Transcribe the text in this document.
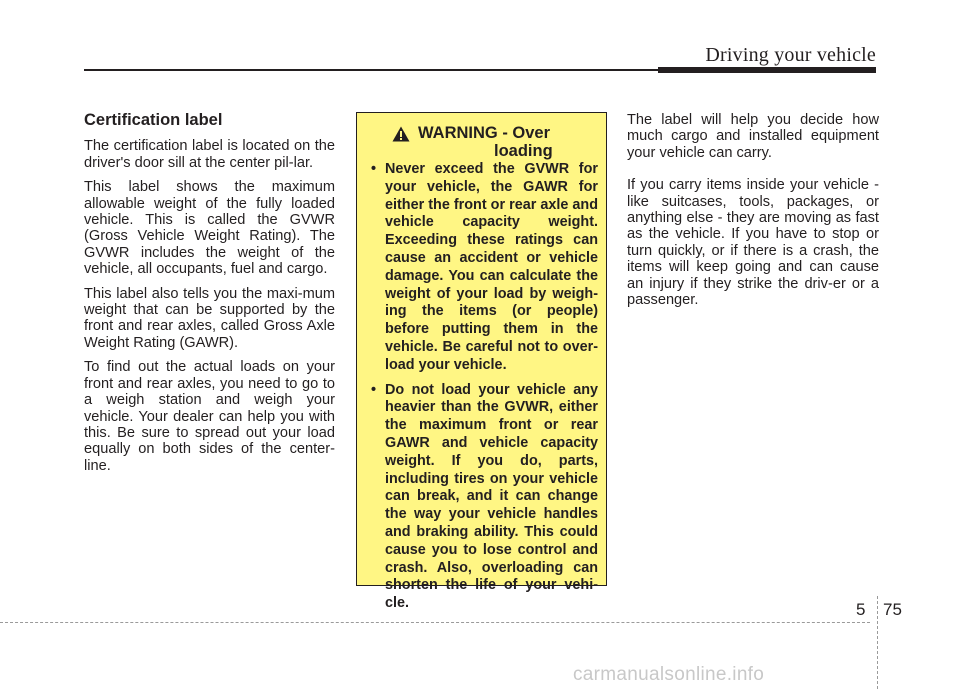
Driving your vehicle
Certification label

The certification label is located on the driver's door sill at the center pil-lar.

This label shows the maximum allowable weight of the fully loaded vehicle. This is called the GVWR (Gross Vehicle Weight Rating). The GVWR includes the weight of the vehicle, all occupants, fuel and cargo.

This label also tells you the maxi-mum weight that can be supported by the front and rear axles, called Gross Axle Weight Rating (GAWR).

To find out the actual loads on your front and rear axles, you need to go to a weigh station and weigh your vehicle. Your dealer can help you with this. Be sure to spread out your load equally on both sides of the center-line.

WARNING - Over
loading
• Never exceed the GVWR for your vehicle, the GAWR for either the front or rear axle and vehicle capacity weight. Exceeding these ratings can cause an accident or vehicle damage. You can calculate the weight of your load by weigh-ing the items (or people) before putting them in the vehicle. Be careful not to over-load your vehicle.
• Do not load your vehicle any heavier than the GVWR, either the maximum front or rear GAWR and vehicle capacity weight. If you do, parts, including tires on your vehicle can break, and it can change the way your vehicle handles and braking ability. This could cause you to lose control and crash. Also, overloading can shorten the life of your vehi-cle.

The label will help you decide how much cargo and installed equipment your vehicle can carry.

If you carry items inside your vehicle - like suitcases, tools, packages, or anything else - they are moving as fast as the vehicle. If you have to stop or turn quickly, or if there is a crash, the items will keep going and can cause an injury if they strike the driv-er or a passenger.

5 75
carmanualsonline.info
